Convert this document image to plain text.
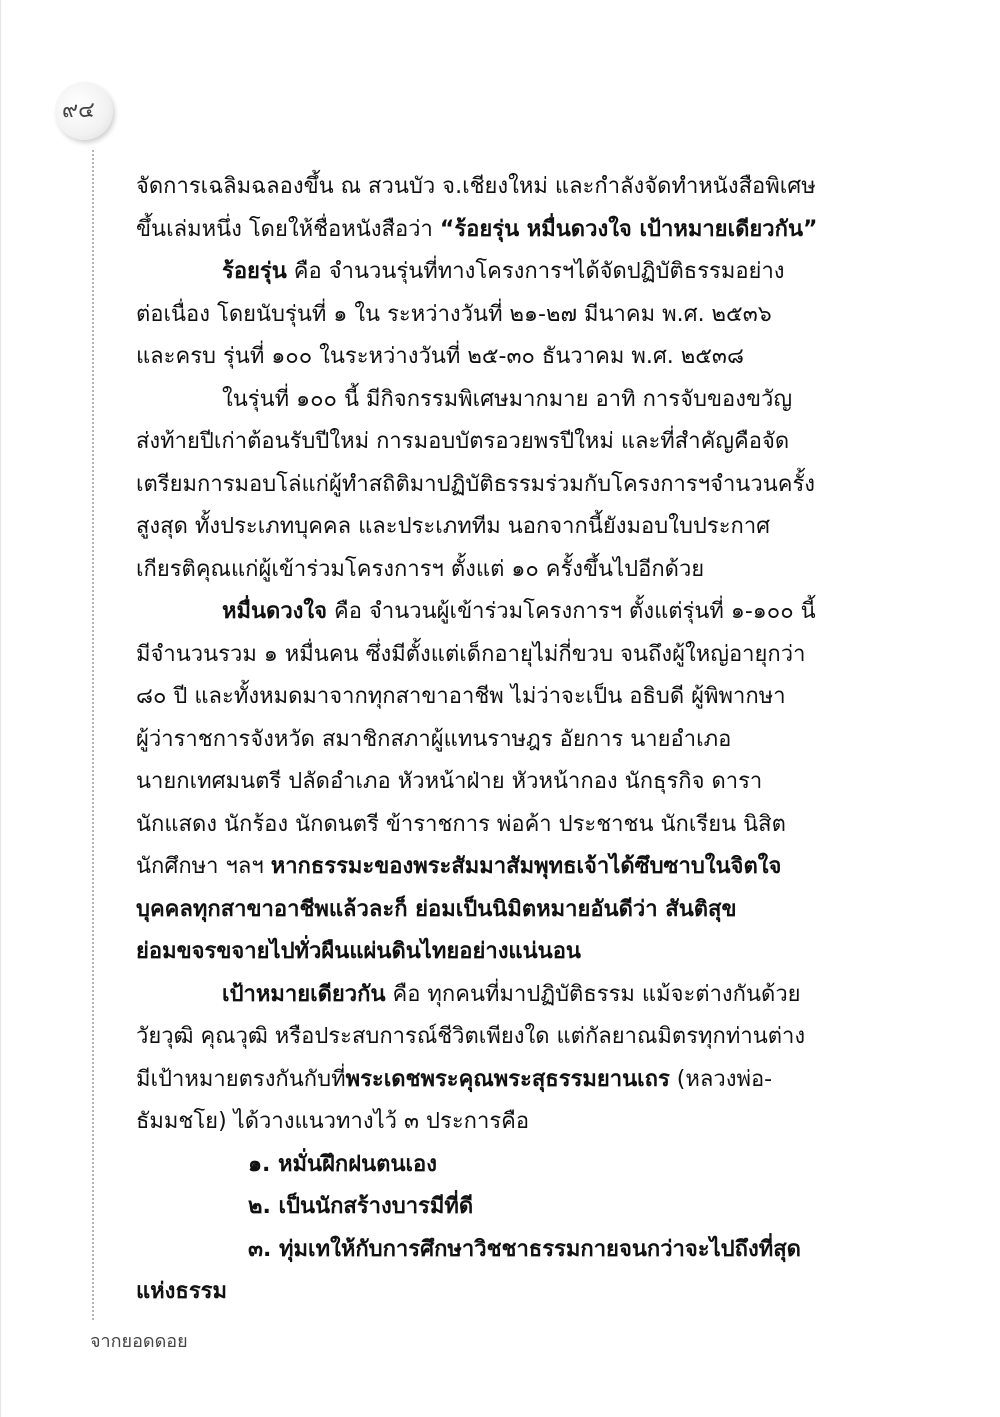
๙๔
จัดการเฉลิมฉลองขึ้น ณ สวนบัว จ.เชียงใหม่ และกำลังจัดทำหนังสือพิเศษ
ขึ้นเล่มหนึ่ง โดยให้ชื่อหนังสือว่า “ร้อยรุ่น หมื่นดวงใจ เป้าหมายเดียวกัน”
ร้อยรุ่น คือ จำนวนรุ่นที่ทางโครงการฯได้จัดปฏิบัติธรรมอย่าง
ต่อเนื่อง โดยนับรุ่นที่ ๑ ใน ระหว่างวันที่ ๒๑-๒๗ มีนาคม พ.ศ. ๒๕๓๖
และครบ รุ่นที่ ๑๐๐ ในระหว่างวันที่ ๒๕-๓๐ ธันวาคม พ.ศ. ๒๕๓๘
ในรุ่นที่ ๑๐๐ นี้ มีกิจกรรมพิเศษมากมาย อาทิ การจับของขวัญ
ส่งท้ายปีเก่าต้อนรับปีใหม่ การมอบบัตรอวยพรปีใหม่ และที่สำคัญคือจัด
เตรียมการมอบโล่แก่ผู้ทำสถิติมาปฏิบัติธรรมร่วมกับโครงการฯจำนวนครั้ง
สูงสุด ทั้งประเภทบุคคล และประเภททีม นอกจากนี้ยังมอบใบประกาศ
เกียรติคุณแก่ผู้เข้าร่วมโครงการฯ ตั้งแต่ ๑๐ ครั้งขึ้นไปอีกด้วย
หมื่นดวงใจ คือ จำนวนผู้เข้าร่วมโครงการฯ ตั้งแต่รุ่นที่ ๑-๑๐๐ นี้
มีจำนวนรวม ๑ หมื่นคน ซึ่งมีตั้งแต่เด็กอายุไม่กี่ขวบ จนถึงผู้ใหญ่อายุกว่า
๘๐ ปี และทั้งหมดมาจากทุกสาขาอาชีพ ไม่ว่าจะเป็น อธิบดี ผู้พิพากษา
ผู้ว่าราชการจังหวัด สมาชิกสภาผู้แทนราษฎร อัยการ นายอำเภอ
นายกเทศมนตรี ปลัดอำเภอ หัวหน้าฝ่าย หัวหน้ากอง นักธุรกิจ ดารา
นักแสดง นักร้อง นักดนตรี ข้าราชการ พ่อค้า ประชาชน นักเรียน นิสิต
นักศึกษา ฯลฯ หากธรรมะของพระสัมมาสัมพุทธเจ้าได้ซึบซาบในจิตใจ
บุคคลทุกสาขาอาชีพแล้วละก็ ย่อมเป็นนิมิตหมายอันดีว่า สันติสุข
ย่อมขจรขจายไปทั่วผืนแผ่นดินไทยอย่างแน่นอน
เป้าหมายเดียวกัน คือ ทุกคนที่มาปฏิบัติธรรม แม้จะต่างกันด้วย
วัยวุฒิ คุณวุฒิ หรือประสบการณ์ชีวิตเพียงใด แต่กัลยาณมิตรทุกท่านต่าง
มีเป้าหมายตรงกันกับที่พระเดชพระคุณพระสุธรรมยานเถร (หลวงพ่อ-
ธัมมชโย) ได้วางแนวทางไว้ ๓ ประการคือ
๑. หมั่นฝึกฝนตนเอง
๒. เป็นนักสร้างบารมีที่ดี
๓. ทุ่มเทให้กับการศึกษาวิชชาธรรมกายจนกว่าจะไปถึงที่สุด
แห่งธรรม
จากยอดดอย
